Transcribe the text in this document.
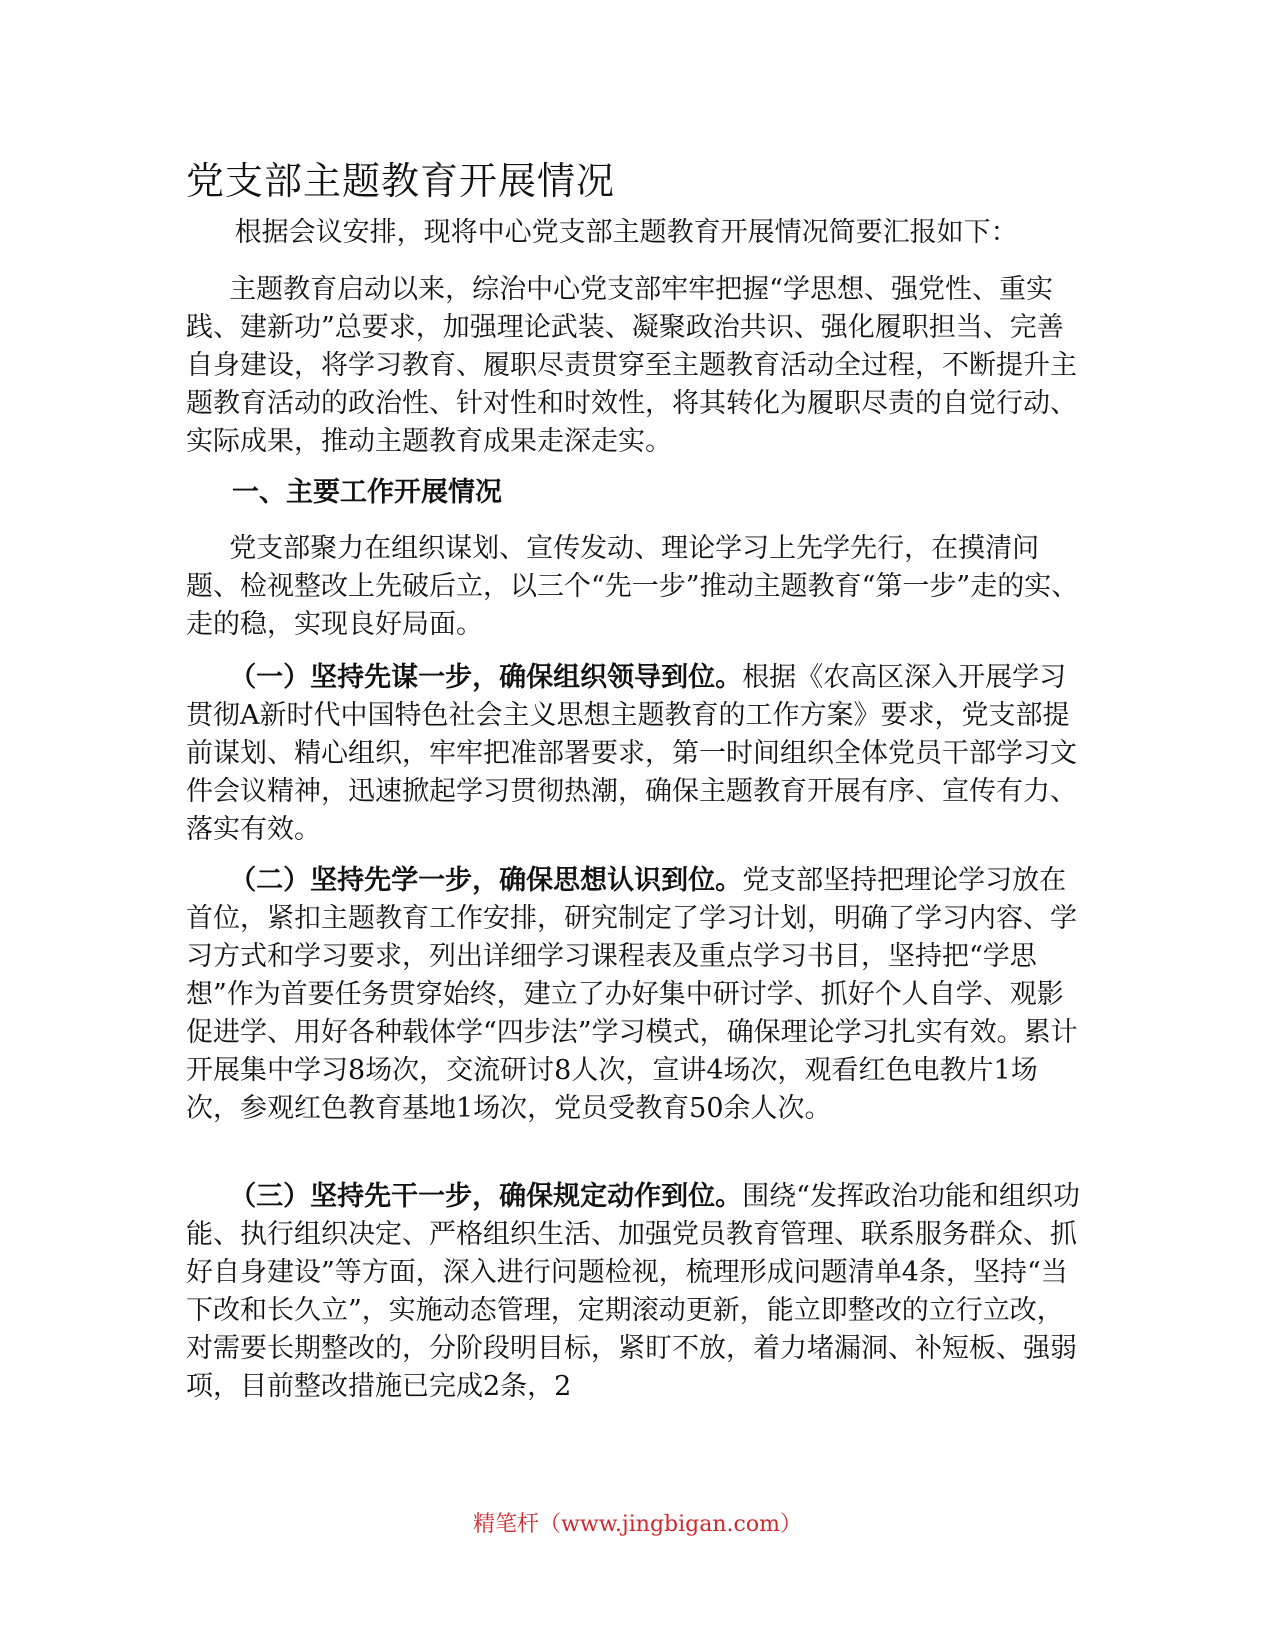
党支部主题教育开展情况

根据会议安排，现将中心党支部主题教育开展情况简要汇报如下：

主题教育启动以来，综治中心党支部牢牢把握“学思想、强党性、重实践、建新功”总要求，加强理论武装、凝聚政治共识、强化履职担当、完善自身建设，将学习教育、履职尽责贯穿至主题教育活动全过程，不断提升主题教育活动的政治性、针对性和时效性，将其转化为履职尽责的自觉行动、实际成果，推动主题教育成果走深走实。

一、主要工作开展情况

党支部聚力在组织谋划、宣传发动、理论学习上先学先行，在摸清问题、检视整改上先破后立，以三个“先一步”推动主题教育“第一步”走的实、走的稳，实现良好局面。

（一）坚持先谋一步，确保组织领导到位。根据《农高区深入开展学习贯彻A新时代中国特色社会主义思想主题教育的工作方案》要求，党支部提前谋划、精心组织，牢牢把准部署要求，第一时间组织全体党员干部学习文件会议精神，迅速掀起学习贯彻热潮，确保主题教育开展有序、宣传有力、落实有效。

（二）坚持先学一步，确保思想认识到位。党支部坚持把理论学习放在首位，紧扣主题教育工作安排，研究制定了学习计划，明确了学习内容、学习方式和学习要求，列出详细学习课程表及重点学习书目，坚持把“学思想”作为首要任务贯穿始终，建立了办好集中研讨学、抓好个人自学、观影促进学、用好各种载体学“四步法”学习模式，确保理论学习扎实有效。累计开展集中学习8场次，交流研讨8人次，宣讲4场次，观看红色电教片1场次，参观红色教育基地1场次，党员受教育50余人次。

（三）坚持先干一步，确保规定动作到位。围绕“发挥政治功能和组织功能、执行组织决定、严格组织生活、加强党员教育管理、联系服务群众、抓好自身建设”等方面，深入进行问题检视，梳理形成问题清单4条，坚持“当下改和长久立”，实施动态管理，定期滚动更新，能立即整改的立行立改，对需要长期整改的，分阶段明目标，紧盯不放，着力堵漏洞、补短板、强弱项，目前整改措施已完成2条，2

精笔杆（www.jingbigan.com）
